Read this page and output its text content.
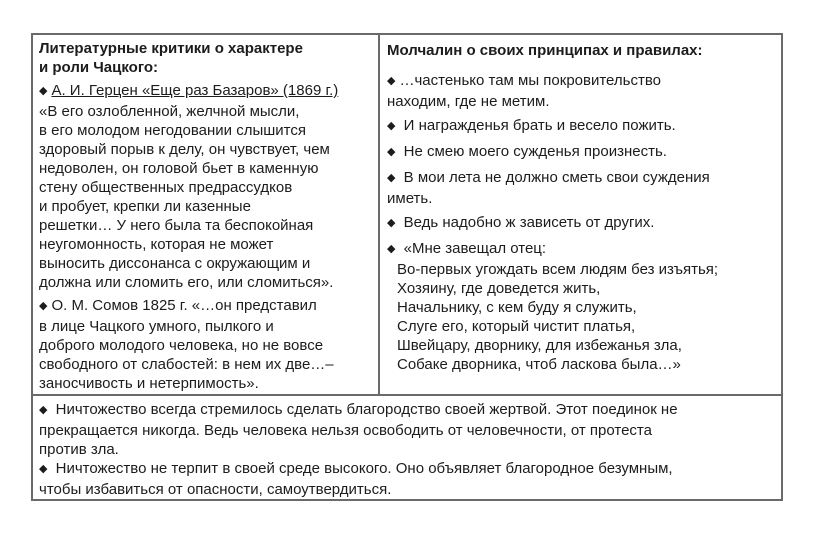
Литературные критики о характере

и роли Чацкого:

◆ А. И. Герцен «Еще раз Базаров» (1869 г.)

«В его озлобленной, желчной мысли,

в его молодом негодовании слышится

здоровый порыв к делу, он чувствует, чем

недоволен, он головой бьет в каменную

стену общественных предрассудков

и пробует, крепки ли казенные

решетки… У него была та беспокойная

неугомонность, которая не может

выносить диссонанса с окружающим и

должна или сломить его, или сломиться».

◆ О. М. Сомов 1825 г. «…он представил

в лице Чацкого умного, пылкого и

доброго молодого человека, но не вовсе

свободного от слабостей: в нем их две…–

заносчивость и нетерпимость».

Молчалин о своих принципах и правилах:

◆ …частенько там мы покровительство

находим, где не метим.

◆ И награжденья брать и весело пожить.

◆ Не смею моего сужденья произнесть.

◆ В мои лета не должно сметь свои суждения

иметь.

◆ Ведь надобно ж зависеть от других.

◆ «Мне завещал отец:

Во-первых угождать всем людям без изъятья;

Хозяину, где доведется жить,

Начальнику, с кем буду я служить,

Слуге его, который чистит платья,

Швейцару, дворнику, для избежанья зла,

Собаке дворника, чтоб ласкова была…»

◆ Ничтожество всегда стремилось сделать благородство своей жертвой. Этот поединок не

прекращается никогда. Ведь человека нельзя освободить от человечности, от протеста

против зла.

◆ Ничтожество не терпит в своей среде высокого. Оно объявляет благородное безумным,

чтобы избавиться от опасности, самоутвердиться.
